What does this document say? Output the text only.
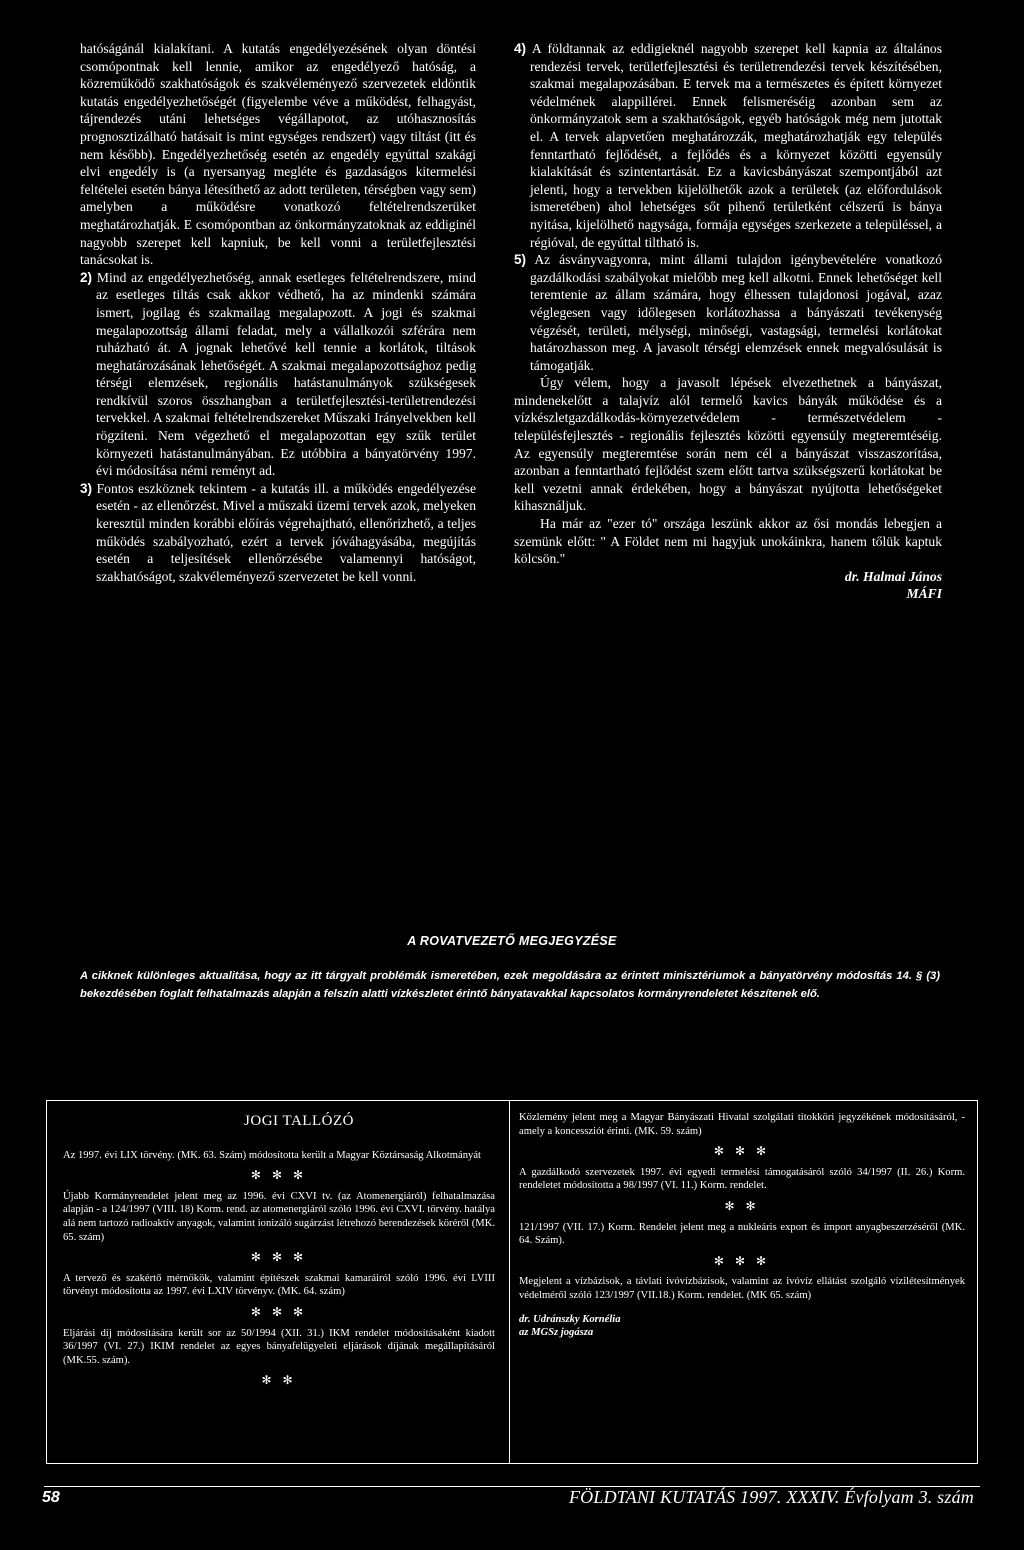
hatóságánál kialakítani. A kutatás engedélyezésének olyan döntési csomópontnak kell lennie, amikor az engedélyező hatóság, a közreműködő szakhatóságok és szakvéleményező szervezetek eldöntik kutatás engedélyezhetőségét (figyelembe véve a működést, felhagyást, tájrendezés utáni lehetséges végállapotot, az utóhasznosítás prognosztizálható hatásait is mint egységes rendszert) vagy tiltást (itt és nem később). Engedélyezhetőség esetén az engedély egyúttal szakági elvi engedély is (a nyersanyag megléte és gazdaságos kitermelési feltételei esetén bánya létesíthető az adott területen, térségben vagy sem) amelyben a működésre vonatkozó feltételrendszerüket meghatározhatják. E csomópontban az önkormányzatoknak az eddiginél nagyobb szerepet kell kapniuk, be kell vonni a területfejlesztési tanácsokat is.

2) Mind az engedélyezhetőség, annak esetleges feltételrendszere, mind az esetleges tiltás csak akkor védhető, ha az mindenki számára ismert, jogilag és szakmailag megalapozott. A jogi és szakmai megalapozottság állami feladat, mely a vállalkozói szférára nem ruházható át. A jognak lehetővé kell tennie a korlátok, tiltások meghatározásának lehetőségét. A szakmai megalapozottsághoz pedig térségi elemzések, regionális hatástanulmányok szükségesek rendkívül szoros összhangban a területfejlesztési-területrendezési tervekkel. A szakmai feltételrendszereket Műszaki Irányelvekben kell rögzíteni. Nem végezhető el megalapozottan egy szűk terület környezeti hatástanulmányában. Ez utóbbira a bányatörvény 1997. évi módosítása némi reményt ad.

3) Fontos eszköznek tekintem - a kutatás ill. a működés engedélyezése esetén - az ellenőrzést. Mivel a műszaki üzemi tervek azok, melyeken keresztül minden korábbi előírás végrehajtható, ellenőrizhető, a teljes működés szabályozható, ezért a tervek jóváhagyásába, megújítás esetén a teljesítések ellenőrzésébe valamennyi hatóságot, szakhatóságot, szakvéleményező szervezetet be kell vonni.

4) A földtannak az eddigieknél nagyobb szerepet kell kapnia az általános rendezési tervek, területfejlesztési és területrendezési tervek készítésében, szakmai megalapozásában. E tervek ma a természetes és épített környezet védelmének alappillérei. Ennek felismeréséig azonban sem az önkormányzatok sem a szakhatóságok, egyéb hatóságok még nem jutottak el. A tervek alapvetően meghatározzák, meghatározhatják egy település fenntartható fejlődését, a fejlődés és a környezet közötti egyensúly kialakítását és szintentartását. Ez a kavicsbányászat szempontjából azt jelenti, hogy a tervekben kijelölhetők azok a területek (az előfordulások ismeretében) ahol lehetséges sőt pihenő területként célszerű is bánya nyitása, kijelölhető nagysága, formája egységes szerkezete a településsel, a régióval, de egyúttal tiltható is.

5) Az ásványvagyonra, mint állami tulajdon igénybevételére vonatkozó gazdálkodási szabályokat mielőbb meg kell alkotni. Ennek lehetőséget kell teremtenie az állam számára, hogy élhessen tulajdonosi jogával, azaz véglegesen vagy időlegesen korlátozhassa a bányászati tevékenység végzését, területi, mélységi, minőségi, vastagsági, termelési korlátokat határozhasson meg. A javasolt térségi elemzések ennek megvalósulását is támogatják.

Úgy vélem, hogy a javasolt lépések elvezethetnek a bányászat, mindenekelőtt a talajvíz alól termelő kavics bányák működése és a vízkészletgazdálkodás-környezetvédelem - természetvédelem - településfejlesztés - regionális fejlesztés közötti egyensúly megteremtéséig. Az egyensúly megteremtése során nem cél a bányászat visszaszorítása, azonban a fenntartható fejlődést szem előtt tartva szükségszerű korlátokat be kell vezetni annak érdekében, hogy a bányászat nyújtotta lehetőségeket kihasználjuk.

Ha már az "ezer tó" országa leszünk akkor az ősi mondás lebegjen a szemünk előtt: " A Földet nem mi hagyjuk unokáinkra, hanem tőlük kaptuk kölcsön."

dr. Halmai János

MÁFI

A ROVATVEZETŐ MEGJEGYZÉSE
A cikknek különleges aktualitása, hogy az itt tárgyalt problémák ismeretében, ezek megoldására az érintett minisztériumok a bányatörvény módosítás 14. § (3) bekezdésében foglalt felhatalmazás alapján a felszín alatti vízkészletet érintő bányatavakkal kapcsolatos kormányrendeletet készítenek elő.
JOGI TALLÓZÓ

Az 1997. évi LIX törvény. (MK. 63. Szám) módosította került a Magyar Köztársaság Alkotmányát

✻ ✻ ✻

Újabb Kormányrendelet jelent meg az 1996. évi CXVI tv. (az Atomenergiáról) felhatalmazása alapján - a 124/1997 (VIII. 18) Korm. rend. az atomenergiáról szóló 1996. évi CXVI. törvény. hatálya alá nem tartozó radioaktív anyagok, valamint ionizáló sugárzást létrehozó berendezések köréről (MK. 65. szám)

✻ ✻ ✻

A tervező és szakértő mérnökök, valamint építészek szakmai kamaráiról szóló 1996. évi LVIII törvényt módosította az 1997. évi LXIV törvényv. (MK. 64. szám)

✻ ✻ ✻

Eljárási díj módosítására került sor az 50/1994 (XII. 31.) IKM rendelet módosításaként kiadott 36/1997 (VI. 27.) IKIM rendelet az egyes bányafelügyeleti eljárások díjának megállapításáról (MK.55. szám).

✻ ✻

Közlemény jelent meg a Magyar Bányászati Hivatal szolgálati titokköri jegyzékének módosításáról, - amely a koncessziót érinti. (MK. 59. szám)

✻ ✻ ✻

A gazdálkodó szervezetek 1997. évi egyedi termelési támogatásáról szóló 34/1997 (II. 26.) Korm. rendeletet módosította a 98/1997 (VI. 11.) Korm. rendelet.

✻ ✻

121/1997 (VII. 17.) Korm. Rendelet jelent meg a nukleáris export és import anyagbeszerzéséről (MK. 64. Szám).

✻ ✻ ✻

Megjelent a vízbázisok, a távlati ivóvízbázisok, valamint az ivóvíz ellátást szolgáló vízilétesítmények védelméről szóló 123/1997 (VII.18.) Korm. rendelet. (MK 65. szám)

dr. Udránszky Kornélia

az MGSz jogásza

58	FÖLDTANI KUTATÁS 1997. XXXIV. Évfolyam 3. szám
